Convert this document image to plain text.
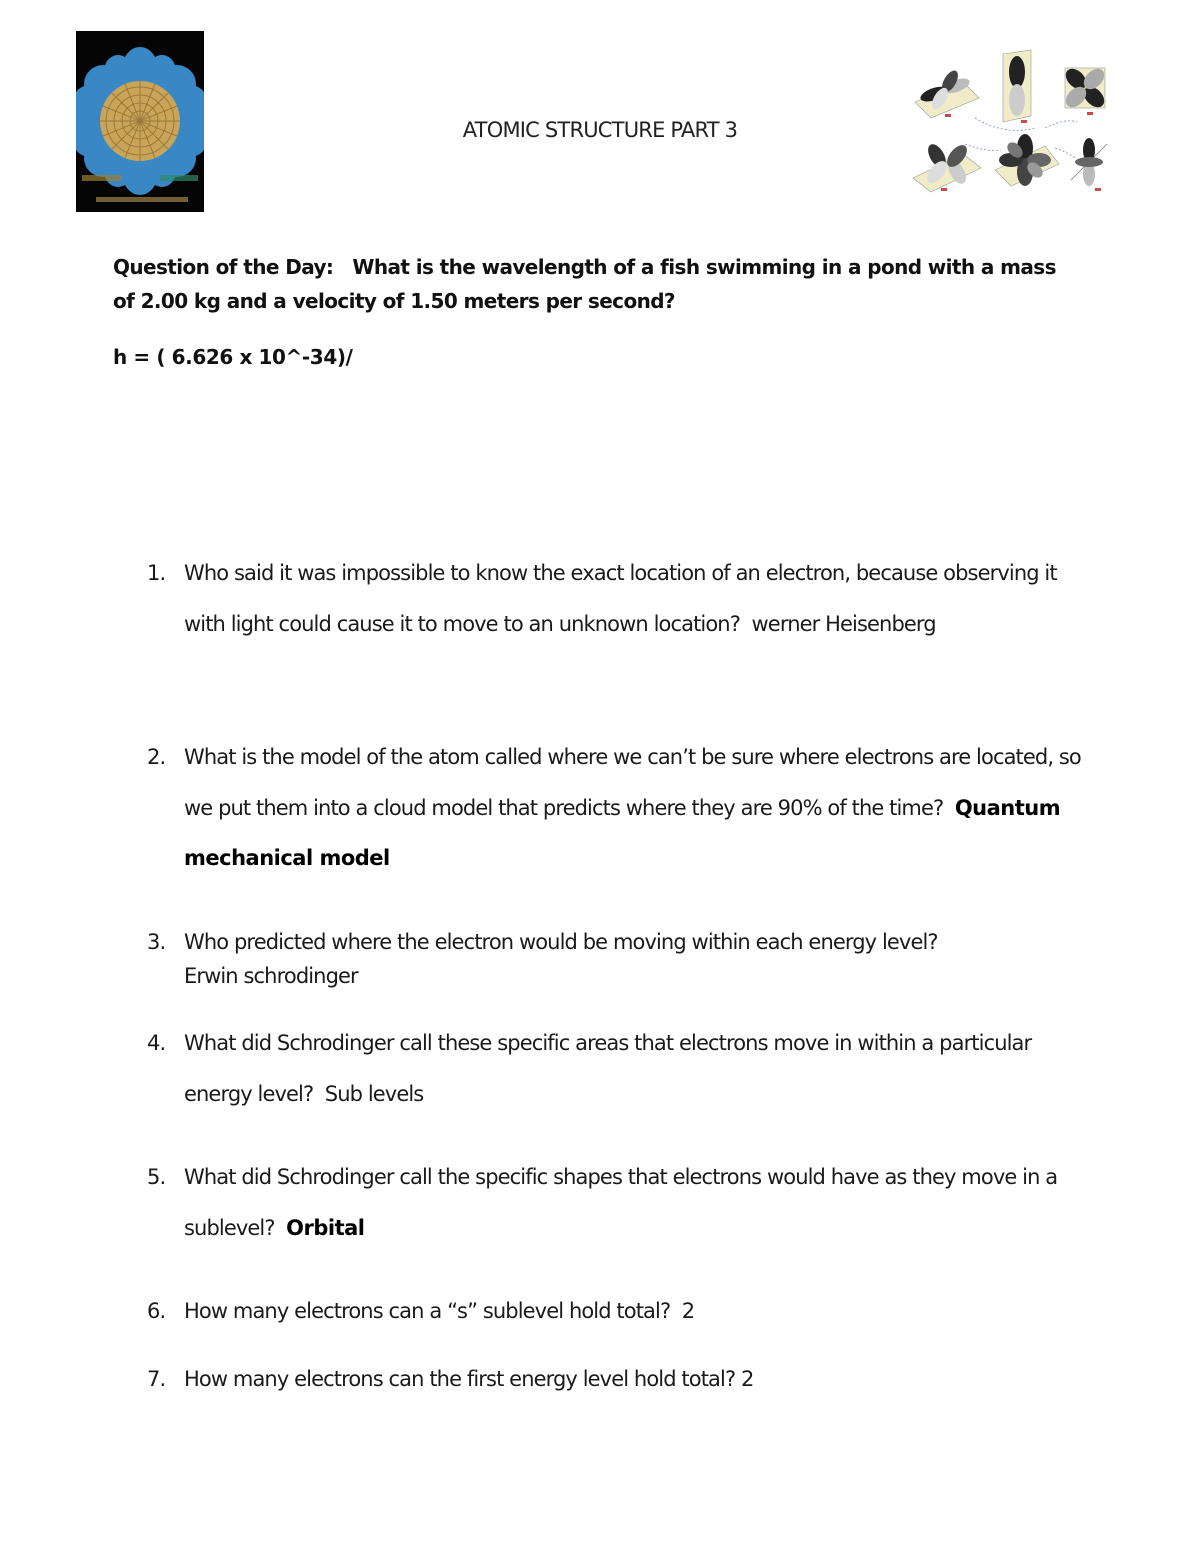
ATOMIC STRUCTURE PART 3
Question of the Day: What is the wavelength of a fish swimming in a pond with a mass of 2.00 kg and a velocity of 1.50 meters per second?
h = ( 6.626 x 10^-34)/
1. Who said it was impossible to know the exact location of an electron, because observing it with light could cause it to move to an unknown location? werner Heisenberg
2. What is the model of the atom called where we can’t be sure where electrons are located, so we put them into a cloud model that predicts where they are 90% of the time? Quantum mechanical model
3. Who predicted where the electron would be moving within each energy level?
Erwin schrodinger
4. What did Schrodinger call these specific areas that electrons move in within a particular energy level? Sub levels
5. What did Schrodinger call the specific shapes that electrons would have as they move in a sublevel? Orbital
6. How many electrons can a “s” sublevel hold total? 2
7. How many electrons can the first energy level hold total? 2
